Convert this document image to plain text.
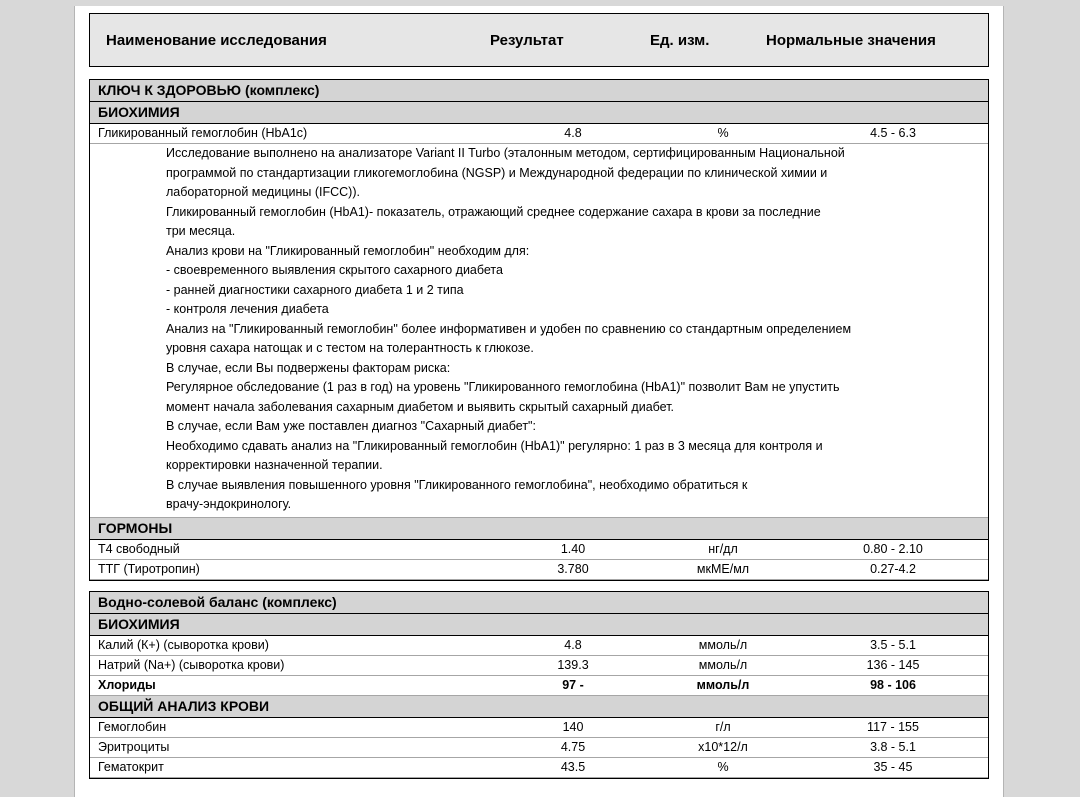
Наименование исследования	Результат	Ед. изм.	Нормальные значения
КЛЮЧ К ЗДОРОВЬЮ (комплекс)
БИОХИМИЯ
Гликированный гемоглобин (HbA1c)	4.8	%	4.5 - 6.3
Исследование выполнено на анализаторе Variant II Turbo (эталонным методом, сертифицированным Национальной
программой по стандартизации гликогемоглобина (NGSP) и Международной федерации по клинической химии и
лабораторной медицины (IFCC)).
Гликированный гемоглобин (HbA1)- показатель, отражающий среднее содержание сахара в крови за последние
три месяца.
Анализ крови на "Гликированный гемоглобин" необходим для:
- своевременного выявления скрытого сахарного диабета
- ранней диагностики сахарного диабета 1 и 2 типа
- контроля лечения диабета
Анализ на "Гликированный гемоглобин" более информативен и удобен по сравнению со стандартным определением
уровня сахара натощак и с тестом на толерантность к глюкозе.
В случае, если Вы подвержены факторам риска:
Регулярное обследование (1 раз в год) на уровень "Гликированного гемоглобина (HbA1)" позволит Вам не упустить
момент начала заболевания сахарным диабетом и выявить скрытый сахарный диабет.
В случае, если Вам уже поставлен диагноз "Сахарный диабет":
Необходимо сдавать анализ на "Гликированный гемоглобин (HbA1)" регулярно: 1 раз в 3 месяца для контроля и
корректировки назначенной терапии.
В случае выявления повышенного уровня "Гликированного гемоглобина", необходимо обратиться к
врачу-эндокринологу.
ГОРМОНЫ
Т4 свободный	1.40	нг/дл	0.80 - 2.10
ТТГ (Тиротропин)	3.780	мкМЕ/мл	0.27-4.2
Водно-солевой баланс (комплекс)
БИОХИМИЯ
Калий (К+) (сыворотка крови)	4.8	ммоль/л	3.5 - 5.1
Натрий (Na+) (сыворотка крови)	139.3	ммоль/л	136 - 145
Хлориды	97 -	ммоль/л	98 - 106
ОБЩИЙ АНАЛИЗ КРОВИ
Гемоглобин	140	г/л	117 - 155
Эритроциты	4.75	х10*12/л	3.8 - 5.1
Гематокрит	43.5	%	35 - 45
